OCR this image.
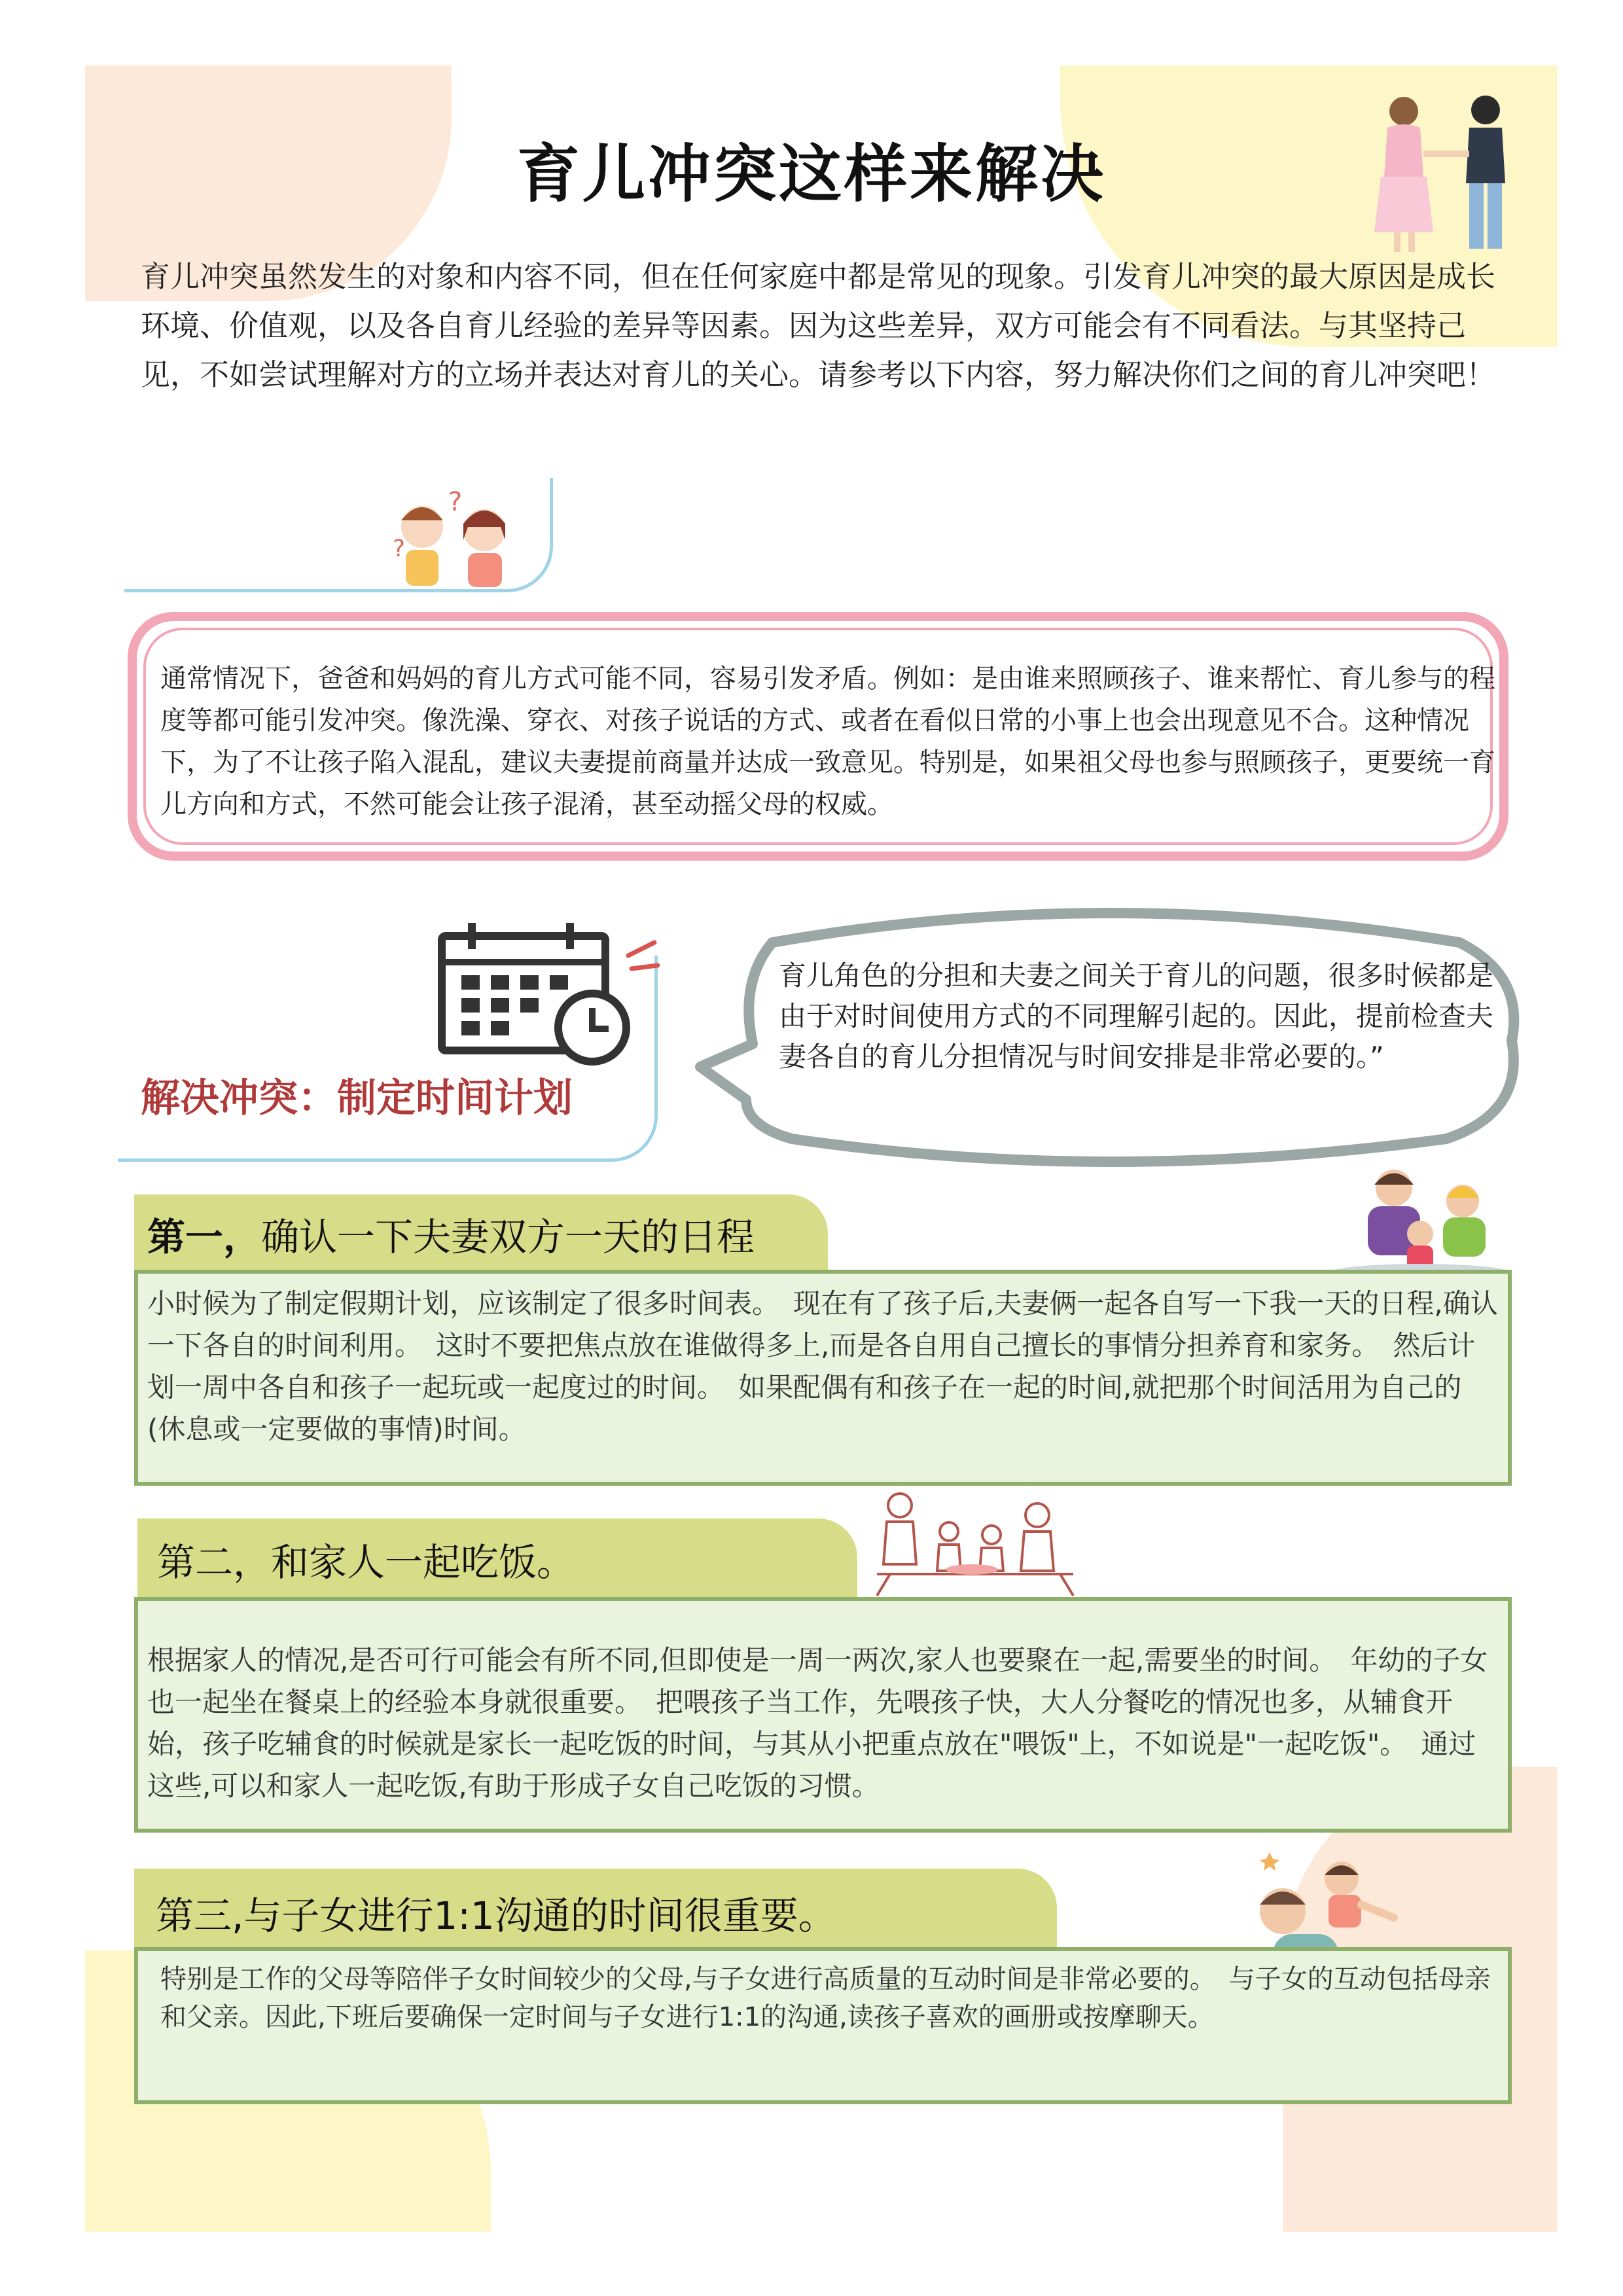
育儿冲突这样来解决
育儿冲突虽然发生的对象和内容不同，但在任何家庭中都是常见的现象。引发育儿冲突的最大原因是成长环境、价值观，以及各自育儿经验的差异等因素。因为这些差异，双方可能会有不同看法。与其坚持己见，不如尝试理解对方的立场并表达对育儿的关心。请参考以下内容，努力解决你们之间的育儿冲突吧！
?
?
通常情况下，爸爸和妈妈的育儿方式可能不同，容易引发矛盾。例如：是由谁来照顾孩子、谁来帮忙、育儿参与的程度等都可能引发冲突。像洗澡、穿衣、对孩子说话的方式、或者在看似日常的小事上也会出现意见不合。这种情况下，为了不让孩子陷入混乱，建议夫妻提前商量并达成一致意见。特别是，如果祖父母也参与照顾孩子，更要统一育儿方向和方式，不然可能会让孩子混淆，甚至动摇父母的权威。
解决冲突：制定时间计划
育儿角色的分担和夫妻之间关于育儿的问题，很多时候都是由于对时间使用方式的不同理解引起的。因此，提前检查夫妻各自的育儿分担情况与时间安排是非常必要的。”
第一，确认一下夫妻双方一天的日程
小时候为了制定假期计划，应该制定了很多时间表。　现在有了孩子后,夫妻俩一起各自写一下我一天的日程,确认一下各自的时间利用。　这时不要把焦点放在谁做得多上,而是各自用自己擅长的事情分担养育和家务。　然后计划一周中各自和孩子一起玩或一起度过的时间。　如果配偶有和孩子在一起的时间,就把那个时间活用为自己的(休息或一定要做的事情)时间。
第二，和家人一起吃饭。
根据家人的情况,是否可行可能会有所不同,但即使是一周一两次,家人也要聚在一起,需要坐的时间。　年幼的子女也一起坐在餐桌上的经验本身就很重要。　把喂孩子当工作，先喂孩子快，大人分餐吃的情况也多，从辅食开始，孩子吃辅食的时候就是家长一起吃饭的时间，与其从小把重点放在"喂饭"上，不如说是"一起吃饭"。　通过这些,可以和家人一起吃饭,有助于形成子女自己吃饭的习惯。
第三,与子女进行1:1沟通的时间很重要。
特别是工作的父母等陪伴子女时间较少的父母,与子女进行高质量的互动时间是非常必要的。　与子女的互动包括母亲和父亲。因此,下班后要确保一定时间与子女进行1:1的沟通,读孩子喜欢的画册或按摩聊天。
